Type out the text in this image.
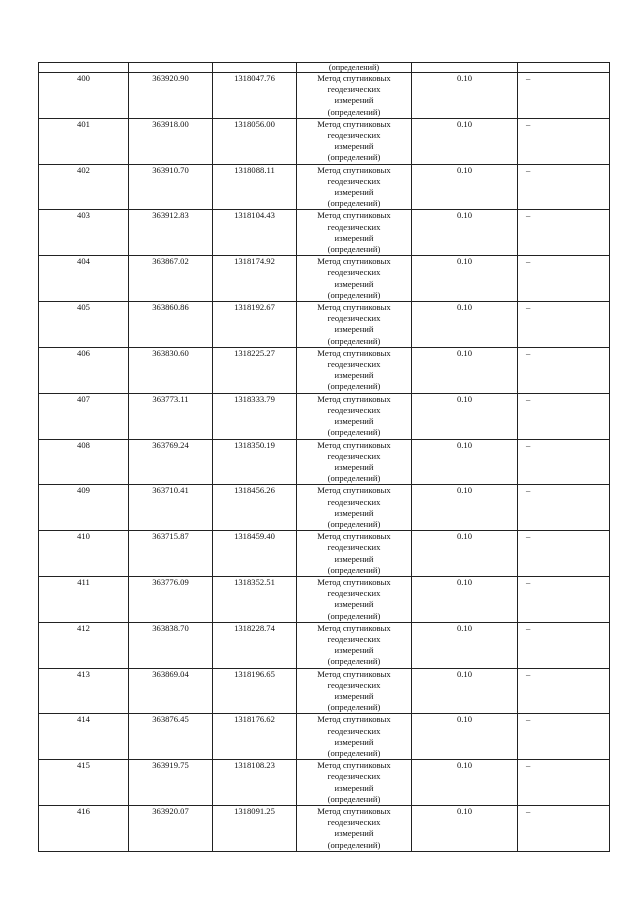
			(определений)		
400	363920.90	1318047.76	Метод спутниковых
геодезических
измерений
(определений)	0.10	–
401	363918.00	1318056.00	Метод спутниковых
геодезических
измерений
(определений)	0.10	–
402	363910.70	1318088.11	Метод спутниковых
геодезических
измерений
(определений)	0.10	–
403	363912.83	1318104.43	Метод спутниковых
геодезических
измерений
(определений)	0.10	–
404	363867.02	1318174.92	Метод спутниковых
геодезических
измерений
(определений)	0.10	–
405	363860.86	1318192.67	Метод спутниковых
геодезических
измерений
(определений)	0.10	–
406	363830.60	1318225.27	Метод спутниковых
геодезических
измерений
(определений)	0.10	–
407	363773.11	1318333.79	Метод спутниковых
геодезических
измерений
(определений)	0.10	–
408	363769.24	1318350.19	Метод спутниковых
геодезических
измерений
(определений)	0.10	–
409	363710.41	1318456.26	Метод спутниковых
геодезических
измерений
(определений)	0.10	–
410	363715.87	1318459.40	Метод спутниковых
геодезических
измерений
(определений)	0.10	–
411	363776.09	1318352.51	Метод спутниковых
геодезических
измерений
(определений)	0.10	–
412	363838.70	1318228.74	Метод спутниковых
геодезических
измерений
(определений)	0.10	–
413	363869.04	1318196.65	Метод спутниковых
геодезических
измерений
(определений)	0.10	–
414	363876.45	1318176.62	Метод спутниковых
геодезических
измерений
(определений)	0.10	–
415	363919.75	1318108.23	Метод спутниковых
геодезических
измерений
(определений)	0.10	–
416	363920.07	1318091.25	Метод спутниковых
геодезических
измерений
(определений)	0.10	–
